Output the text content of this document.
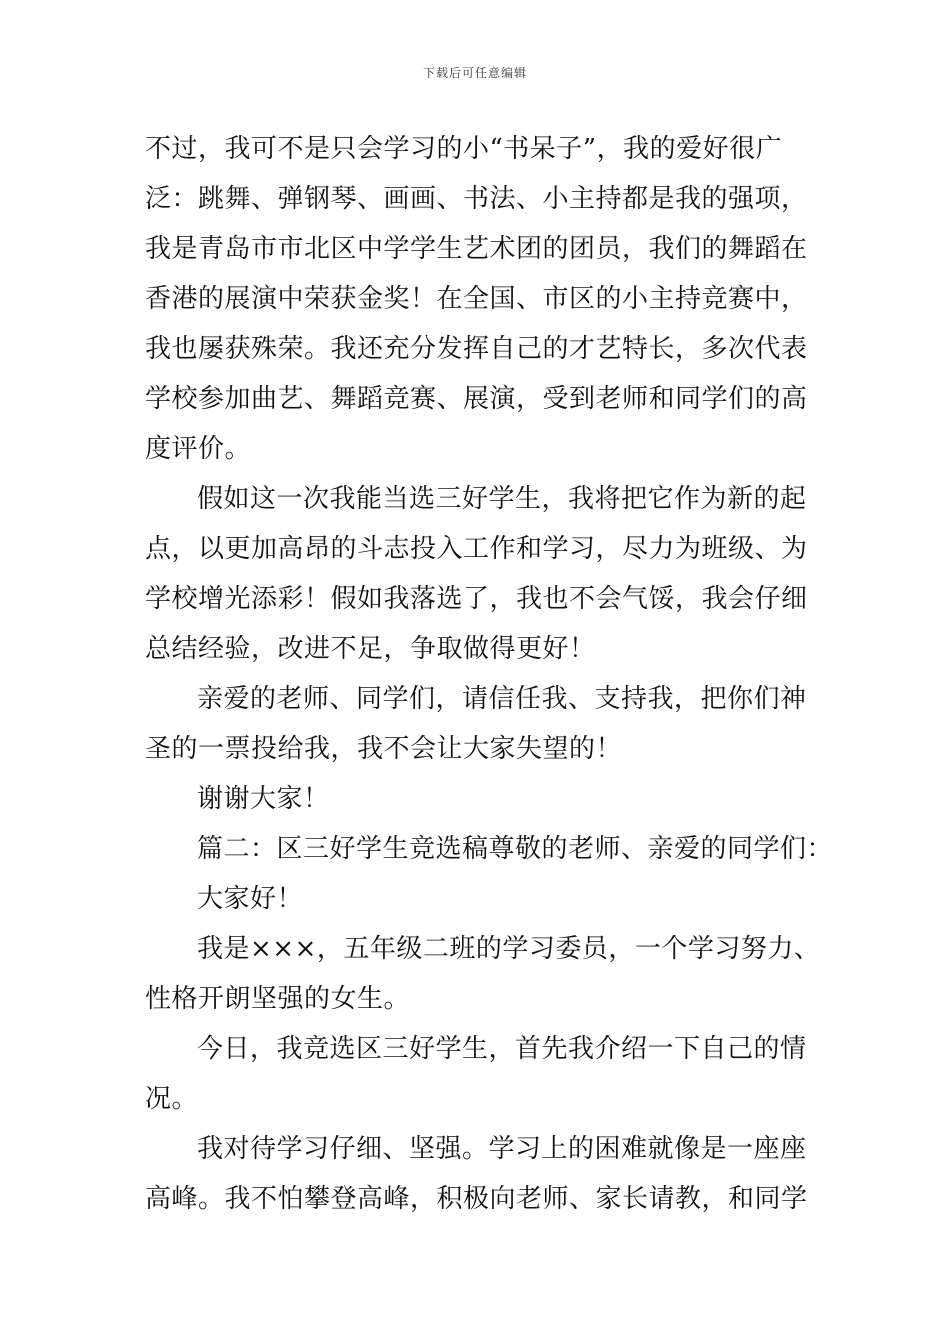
下载后可任意编辑
不过，我可不是只会学习的小“书呆子”，我的爱好很广
泛：跳舞、弹钢琴、画画、书法、小主持都是我的强项，
我是青岛市市北区中学学生艺术团的团员，我们的舞蹈在
香港的展演中荣获金奖！在全国、市区的小主持竞赛中，
我也屡获殊荣。我还充分发挥自己的才艺特长，多次代表
学校参加曲艺、舞蹈竞赛、展演，受到老师和同学们的高
度评价。
假如这一次我能当选三好学生，我将把它作为新的起
点，以更加高昂的斗志投入工作和学习，尽力为班级、为
学校增光添彩！假如我落选了，我也不会气馁，我会仔细
总结经验，改进不足，争取做得更好！
亲爱的老师、同学们，请信任我、支持我，把你们神
圣的一票投给我，我不会让大家失望的！
谢谢大家！
篇二：区三好学生竞选稿尊敬的老师、亲爱的同学们：
大家好！
我是×××，五年级二班的学习委员，一个学习努力、
性格开朗坚强的女生。
今日，我竞选区三好学生，首先我介绍一下自己的情
况。
我对待学习仔细、坚强。学习上的困难就像是一座座
高峰。我不怕攀登高峰，积极向老师、家长请教，和同学
